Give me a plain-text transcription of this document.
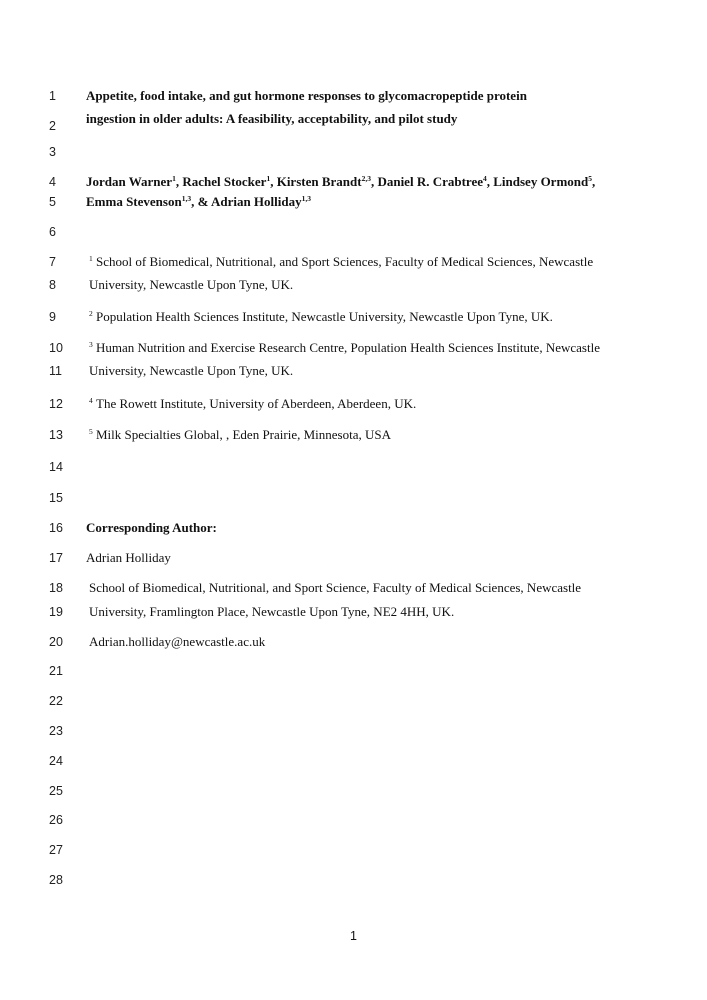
1
2
3
4
5
6
7
8
9
10
11
12
13
14
15
16
17
18
19
20
21
22
23
24
25
26
27
28
Appetite, food intake, and gut hormone responses to glycomacropeptide protein
ingestion in older adults: A feasibility, acceptability, and pilot study
Jordan Warner$^1$, Rachel Stocker$^1$, Kirsten Brandt$^{2,3}$, Daniel R. Crabtree$^4$, Lindsey Ormond$^5$,
Emma Stevenson$^{1,3}$, & Adrian Holliday$^{1,3}$
$^1$ School of Biomedical, Nutritional, and Sport Sciences, Faculty of Medical Sciences, Newcastle
University, Newcastle Upon Tyne, UK.
$^2$ Population Health Sciences Institute, Newcastle University, Newcastle Upon Tyne, UK.
$^3$ Human Nutrition and Exercise Research Centre, Population Health Sciences Institute, Newcastle
University, Newcastle Upon Tyne, UK.
$^4$ The Rowett Institute, University of Aberdeen, Aberdeen, UK.
$^5$ Milk Specialties Global, , Eden Prairie, Minnesota, USA
Corresponding Author:
Adrian Holliday
School of Biomedical, Nutritional, and Sport Science, Faculty of Medical Sciences, Newcastle
University, Framlington Place, Newcastle Upon Tyne, NE2 4HH, UK.
Adrian.holliday@newcastle.ac.uk
1
